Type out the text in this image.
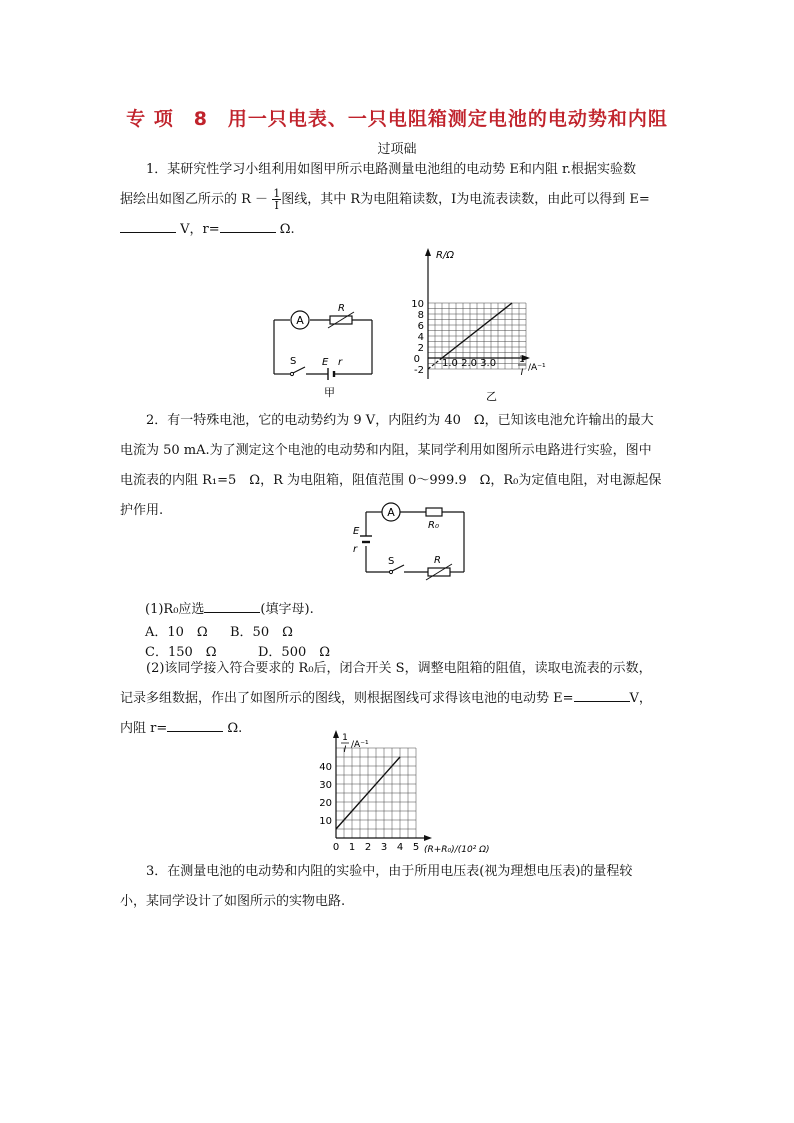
专 项　8　用一只电表、一只电阻箱测定电池的电动势和内阻
过项础

1．某研究性学习小组利用如图甲所示电路测量电池组的电动势 E和内阻 r.根据实验数

据绘出如图乙所示的 $R - \frac{1}{I}$ 图线，其中 R为电阻箱读数，I为电流表读数，由此可以得到 E=

V，r=	Ω.

A
R
S	E r
甲
-2
2
4
6
8
10
R/Ω
0 1.0 2.0 3.0	1
I /A⁻¹
乙

2．有一特殊电池，它的电动势约为 9 V，内阻约为 40　Ω，已知该电池允许输出的最大

电流为 50 mA.为了测定这个电池的电动势和内阻，某同学利用如图所示电路进行实验，图中

电流表的内阻 R₁=5　Ω，R 为电阻箱，阻值范围 0～999.9　Ω，R₀为定值电阻，对电源起保

护作用.	A
R₀
E
r
S	R
(1)R₀应选	(填字母).
A．10　Ω B．50　Ω
C．150　Ω	D．500　Ω

(2)该同学接入符合要求的 R₀后，闭合开关 S，调整电阻箱的阻值，读取电流表的示数，

记录多组数据，作出了如图所示的图线，则根据图线可求得该电池的电动势 E=	V，

内阻 r=	Ω.

10
20
30
40
0 1 2 3 4 5
1
I /A⁻¹
(R+R₀)/(10² Ω)

3．在测量电池的电动势和内阻的实验中，由于所用电压表(视为理想电压表)的量程较

小，某同学设计了如图所示的实物电路.
